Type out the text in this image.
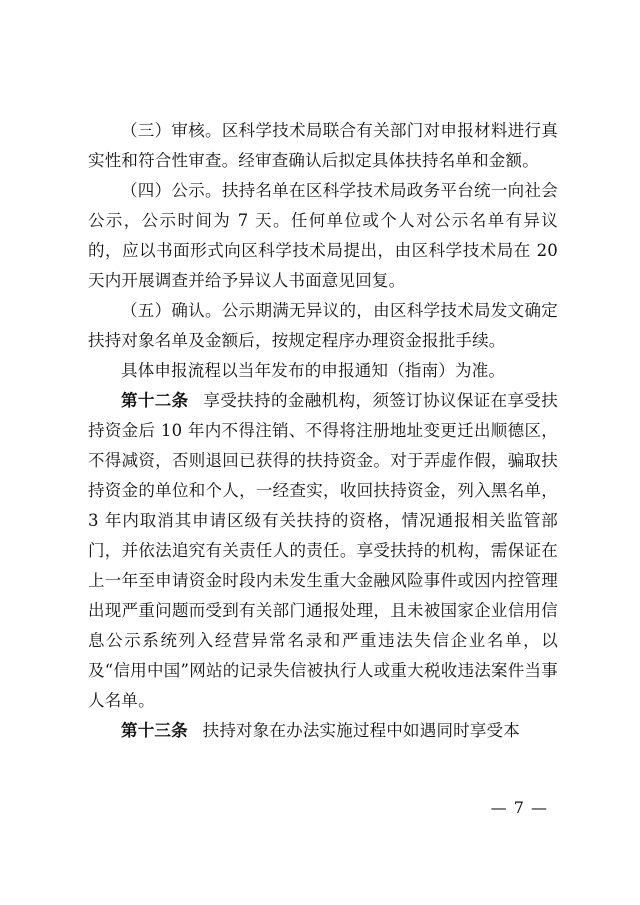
（三）审核。区科学技术局联合有关部门对申报材料进行真实性和符合性审查。经审查确认后拟定具体扶持名单和金额。

（四）公示。扶持名单在区科学技术局政务平台统一向社会公示，公示时间为 7 天。任何单位或个人对公示名单有异议的，应以书面形式向区科学技术局提出，由区科学技术局在 20 天内开展调查并给予异议人书面意见回复。

（五）确认。公示期满无异议的，由区科学技术局发文确定扶持对象名单及金额后，按规定程序办理资金报批手续。

具体申报流程以当年发布的申报通知（指南）为准。

第十二条 享受扶持的金融机构，须签订协议保证在享受扶持资金后 10 年内不得注销、不得将注册地址变更迁出顺德区，不得减资，否则退回已获得的扶持资金。对于弄虚作假，骗取扶持资金的单位和个人，一经查实，收回扶持资金，列入黑名单，3 年内取消其申请区级有关扶持的资格，情况通报相关监管部门，并依法追究有关责任人的责任。享受扶持的机构，需保证在上一年至申请资金时段内未发生重大金融风险事件或因内控管理出现严重问题而受到有关部门通报处理，且未被国家企业信用信息公示系统列入经营异常名录和严重违法失信企业名单，以及“信用中国”网站的记录失信被执行人或重大税收违法案件当事人名单。

第十三条 扶持对象在办法实施过程中如遇同时享受本

— 7 —
